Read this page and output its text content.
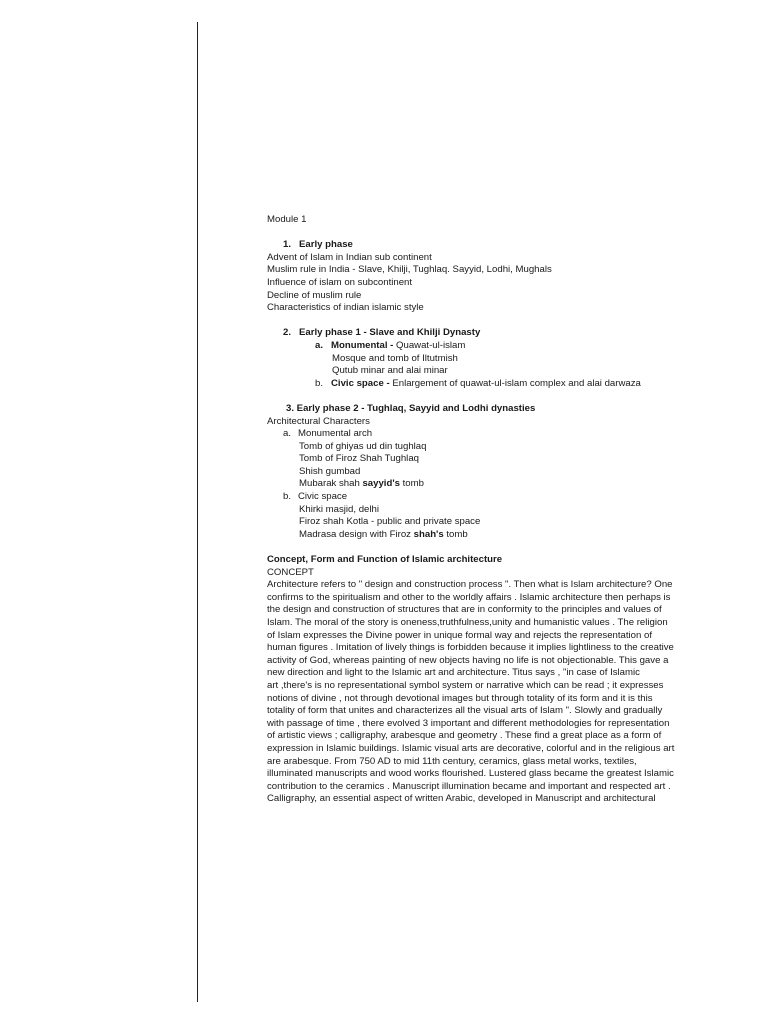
Module 1
1. Early phase
Advent of Islam in Indian sub continent
Muslim rule in India - Slave, Khilji, Tughlaq. Sayyid, Lodhi, Mughals
Influence of islam on subcontinent
Decline of muslim rule
Characteristics of indian islamic style
2. Early phase 1 - Slave and Khilji Dynasty
a. Monumental - Quawat-ul-islam
Mosque and tomb of Iltutmish
Qutub minar and alai minar
b. Civic space - Enlargement of quawat-ul-islam complex and alai darwaza
3. Early phase 2 - Tughlaq, Sayyid and Lodhi dynasties
Architectural Characters
a. Monumental arch
Tomb of ghiyas ud din tughlaq
Tomb of Firoz Shah Tughlaq
Shish gumbad
Mubarak shah sayyid's tomb
b. Civic space
Khirki masjid, delhi
Firoz shah Kotla - public and private space
Madrasa design with Firoz shah's tomb
Concept, Form and Function of Islamic architecture
CONCEPT
Architecture refers to " design and construction process ". Then what is Islam architecture? One
confirms to the spiritualism and other to the worldly affairs . Islamic architecture then perhaps is
the design and construction of structures that are in conformity to the principles and values of
Islam. The moral of the story is oneness,truthfulness,unity and humanistic values . The religion
of Islam expresses the Divine power in unique formal way and rejects the representation of
human figures . Imitation of lively things is forbidden because it implies lightliness to the creative
activity of God, whereas painting of new objects having no life is not objectionable. This gave a
new direction and light to the Islamic art and architecture. Titus says , "in case of Islamic
art ,there's is no representational symbol system or narrative which can be read ; it expresses
notions of divine , not through devotional images but through totality of its form and it is this
totality of form that unites and characterizes all the visual arts of Islam ". Slowly and gradually
with passage of time , there evolved 3 important and different methodologies for representation
of artistic views ; calligraphy, arabesque and geometry . These find a great place as a form of
expression in Islamic buildings. Islamic visual arts are decorative, colorful and in the religious art
are arabesque. From 750 AD to mid 11th century, ceramics, glass metal works, textiles,
illuminated manuscripts and wood works flourished. Lustered glass became the greatest Islamic
contribution to the ceramics . Manuscript illumination became and important and respected art .
Calligraphy, an essential aspect of written Arabic, developed in Manuscript and architectural
